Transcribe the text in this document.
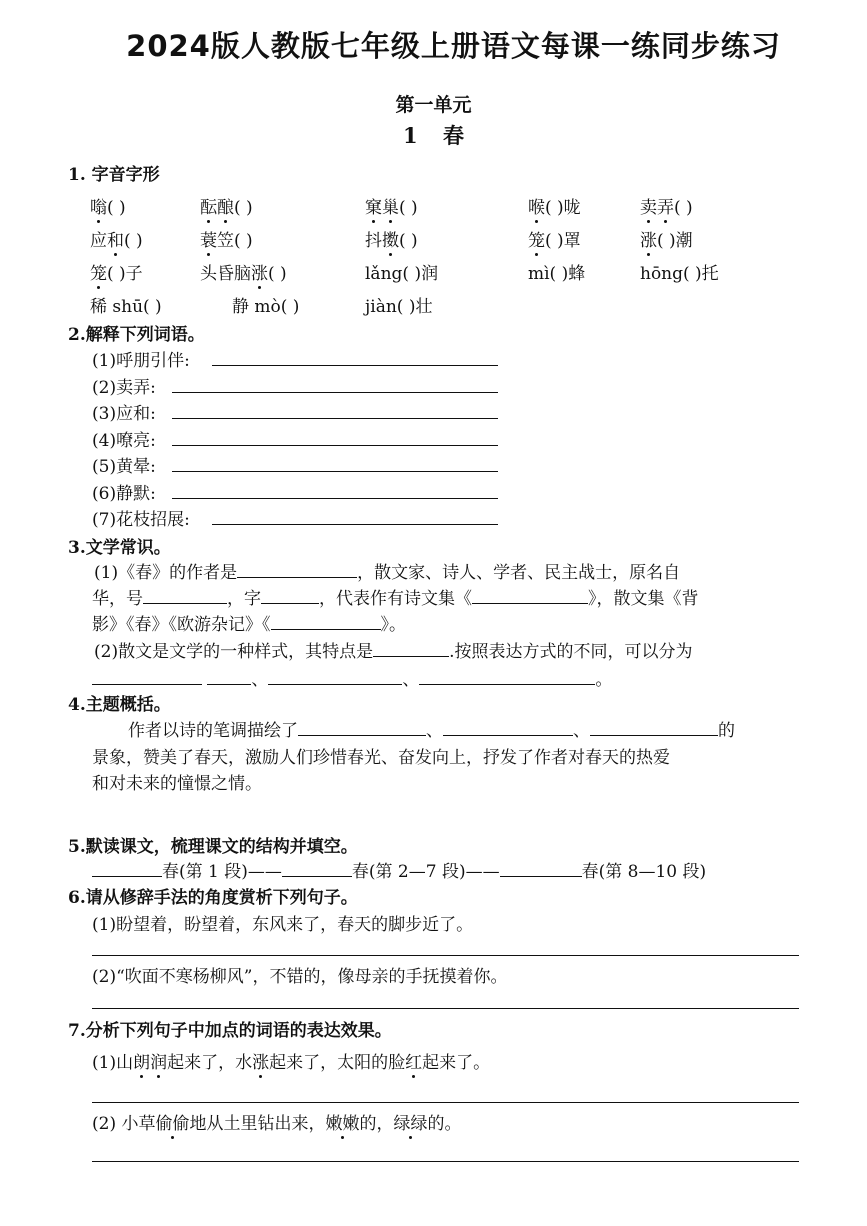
2024版人教版七年级上册语文每课一练同步练习
第一单元
1 春
1. 字音字形
嗡( )	酝酿( )	窠巢( )	喉( )咙	卖弄( )
应和( )	蓑笠( )	抖擞( )	笼( )罩	涨( )潮
笼( )子	头昏脑涨( )	lǎng( )润	mì( )蜂	hōng( )托
稀 shū( )	静 mò( )	jiàn( )壮
2.解释下列词语。
(1)呼朋引伴:
(2)卖弄:
(3)应和:
(4)嘹亮:
(5)黄晕:
(6)静默:
(7)花枝招展:
3.文学常识。
(1)《春》的作者是	，散文家、诗人、学者、民主战士，原名自
华，号	，字	，代表作有诗文集《	》，散文集《背
影》《春》《欧游杂记》《	》。
(2)散文是文学的一种样式，其特点是	.按照表达方式的不同，可以分为
、	、	。
4.主题概括。
作者以诗的笔调描绘了	、	、	的
景象，赞美了春天，激励人们珍惜春光、奋发向上，抒发了作者对春天的热爱
和对未来的憧憬之情。
5.默读课文，梳理课文的结构并填空。
春(第 1 段)——	春(第 2—7 段)——	春(第 8—10 段)
6.请从修辞手法的角度赏析下列句子。
(1)盼望着，盼望着，东风来了，春天的脚步近了。
(2)“吹面不寒杨柳风”，不错的，像母亲的手抚摸着你。
7.分析下列句子中加点的词语的表达效果。
(1)山朗润起来了，水涨起来了，太阳的脸红起来了。
(2) 小草偷偷地从土里钻出来，嫩嫩的，绿绿的。
